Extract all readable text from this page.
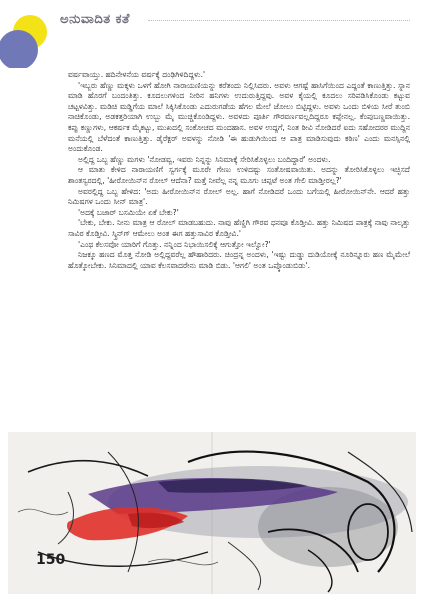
ಅನುವಾದಿತ ಕತೆ

ವರ್ಷವಾಯ್ತು. ಹದಿನೇಳನೆಯ ವರ್ಷಕ್ಕೆ ದಂಢಿಗಿಳಿದಿದ್ದಳು.'

'ಇಬ್ಬರು ಹೆಣ್ಣು ಮಕ್ಕಳು ಒಳಗೆ ಹೋಗಿ ನಾರಾಯಣಿಯನ್ನು ಕರೆತಂದು ನಿಲ್ಲಿಸಿದರು. ಅವಳು ಆಗಷ್ಟೆ ಹಾಸಿಗೆಯಿಂದ ಎದ್ದಂತೆ ಕಾಣುತ್ತಿತ್ತು. ಸ್ನಾನ ಮಾಡಿ ಹೊರಗೆ ಬಂದಂತಿತ್ತು. ಕೂದಲುಗಳಿಂದ ನೀರಿನ ಹನಿಗಳು ಉದುರುತ್ತಿದ್ದವು. ಅವಳ ಕೈಯಲ್ಲಿ ಕೂದಲು ಸರಿಪಡಿಸಿಕೊಂಡು ಕಟ್ಟುವ ಚಟ್ಟಳವಿತ್ತು. ಮಡಿಚಿ ಮಡ್ಡಿಗೆಯ ಮಾಲೆ ಸಿಕ್ಕಿಸಿಕೊಂಡು ಎದುರುಗಡೆಯ ಹೆಗಲ ಮೇಲೆ ಜೋಲು ಬಿಟ್ಟಿದ್ದಳು. ಅವಳು ಒಂದು ಬಿಳಿಯ ಸೀರೆ ತುಂಬಿ ನಾಚಿಕೊಂಡು, ಅಡಕತ್ತರಿಯಾಗಿ ಉಬ್ಬು ಮೈ ಮುಚ್ಚಿಕೊಂಡಿದ್ದಳು. ಅವಳದು ಪೂರ್ತಿ ಗೌರವರ್ಣವಲ್ಲದಿದ್ದರೂ ಕಪ್ಪೇನಲ್ಲ. ಕೆಂಪುಬಣ್ಣವಾಯಿತ್ತು. ಕಪ್ಪು ಕಣ್ಣುಗಳು, ಆಕರ್ಷಕ ಮೈಕಟ್ಟು, ಮುಖದಲ್ಲಿ ಸಂಕೋಚದ ಮಂದಹಾಸ. ಅವಳ ಉದ್ದಗೆ, ನಿಂತ ಠೀವಿ ನೋಡಿದರೆ ಐದು ಸಹೋದರರ ಮುದ್ದಿನ ಮನೆಯಲ್ಲಿ ಬೆಳೆದಂತೆ ಕಾಣುತ್ತಿತ್ತು. ಡೈರೆಕ್ಟರ್ ಅವಳನ್ನು ನೋಡಿ 'ಈ ಹುಡುಗಿಯಿಂದ ಆ ಪಾತ್ರ ಮಾಡಿಸುವುದು ಕಠಿಣ' ಎಂದು ಮನಸ್ಸಿನಲ್ಲಿ ಅಂದುಕೊಂಡ.

ಅಲ್ಲಿದ್ದ ಒಬ್ಬ ಹೆಣ್ಣು ಮಗಳು 'ನೋಡವ್ವ, ಇವರು ನಿನ್ನನ್ನು ಸಿನಿಮಾಕ್ಕೆ ಸೇರಿಸಿಕೊಳ್ಳಲು ಬಂದಿದ್ದಾರೆ' ಅಂದಳು.

ಆ ಮಾತು ಕೇಳಿದ ನಾರಾಯಣಿಗೆ ಸ್ವರ್ಗಕ್ಕೆ ಮೂರೇ ಗೇಣು ಉಳಿದಷ್ಟು ಸಂತೋಷವಾಯಿತು. ಅದನ್ನು ತೋರಿಸಿಕೊಳ್ಳಲು ಇಚ್ಛಿಸದೆ ಶಾಂತಸ್ವರದಲ್ಲಿ, 'ಹೀರೋಯಿನ್‌ನ ರೋಲ್ ಆದೆನಾ? ಮತ್ತೆ ನೀವೆಲ್ಲ ನನ್ನ ಮೂಗು ಚಪ್ಪಟೆ ಅಂತ ಗೇಲಿ ಮಾಡ್ತೀರಲ್ಲ?'

ಅವರಲ್ಲಿದ್ದ ಒಬ್ಬ ಹೇಳಿದ: 'ಅದು ಹೀರೋಯಿನ್‌ನ ರೋಲ್ ಅಲ್ಲ. ಹಾಗೆ ನೋಡಿದರೆ ಒಂದು ಬಗೆಯಲ್ಲಿ ಹೀರೋಯಿನ್‌ನೇ. ಆದರೆ ಹತ್ತು ನಿಮಿಷಗಳ ಒಂದು ಸೀನ್ ಮಾತ್ರ'.

'ಅದಕ್ಕೆ ಬಜಾರ್ ಬಸಮಿಯೇ ಏಕೆ ಬೇಕು?'

'ಬೇಕು, ಬೇಕು. ನೀನು ಮಾತ್ರ ಆ ರೋಲ್ ಮಾಡಬಹುದು. ನಾವು ಹೆಣ್ಣಿಗಿ ಗೌರವ ಧನವೂ ಕೊಡ್ತೀವಿ. ಹತ್ತು ನಿಮಿಷದ ಪಾತ್ರಕ್ಕೆ ನಾವು ನಾಲ್ಕತ್ತು ಸಾವಿರ ಕೊಡ್ತೀವಿ. ಸ್ಕ್ರಿನ್‌ಗ್ ಆಮೇಲು ಅಂತ ಈಗ ಹತ್ತುಸಾವಿರ ಕೊಡ್ತೀವಿ.'

'ಎಂಥ ಕೆಲಸವೋ ಯಾರಿಗೆ ಗೊತ್ತು. ನನ್ನಿಂದ ನಿಭಾಯಿಸಲಿಕ್ಕೆ ಆಗುತ್ತೋ ಇಲ್ವೋ?'

ನಿಜಕ್ಕೂ ಹಣದ ಮೊತ್ತ ನೋಡಿ ಅಲ್ಲಿದ್ದವರೆಲ್ಲ ಹೌಹಾರಿದರು. ಚಿಂದ್ರನ್ನ ಅಂದಳು, 'ಇಷ್ಟು ದುಡ್ಡು ದುಡಿಯೋಕ್ಕೆ ನೂರಿನ್ನೂರು ಹಣ ಮೈಮೇಲೆ ಹೊತ್ಕೋಬೇಕು. ಸಿನಿಮಾದಲ್ಲಿ ಯಾವ ಕೆಲಸವಾದರೇನು ಮಾಡಿ ಬಿಡು. 'ಆಗಲಿ' ಅಂತ ಒಪ್ಕೊಂಡುಬಿಡು'.

150
